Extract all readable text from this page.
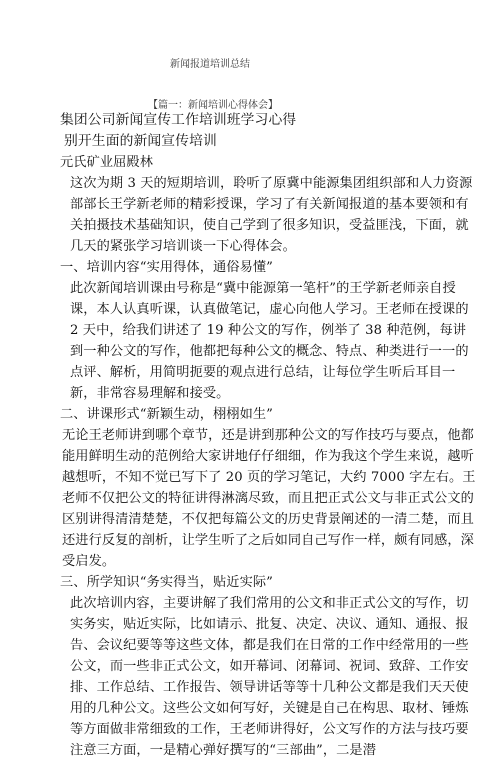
新闻报道培训总结
【篇一：新闻培训心得体会】

集团公司新闻宣传工作培训班学习心得

别开生面的新闻宣传培训

元氏矿业屈殿林

这次为期 3 天的短期培训，聆听了原冀中能源集团组织部和人力资源部部长王学新老师的精彩授课，学习了有关新闻报道的基本要领和有关拍摄技术基础知识，使自己学到了很多知识，受益匪浅，下面，就几天的紧张学习培训谈一下心得体会。

一、培训内容“实用得体，通俗易懂”

此次新闻培训课由号称是“冀中能源第一笔杆”的王学新老师亲自授课，本人认真听课，认真做笔记，虚心向他人学习。王老师在授课的 2 天中，给我们讲述了 19 种公文的写作，例举了 38 种范例，每讲到一种公文的写作，他都把每种公文的概念、特点、种类进行一一的点评、解析，用简明扼要的观点进行总结，让每位学生听后耳目一新，非常容易理解和接受。

二、讲课形式“新颖生动，栩栩如生”

无论王老师讲到哪个章节，还是讲到那种公文的写作技巧与要点，他都能用鲜明生动的范例给大家讲地仔仔细细，作为我这个学生来说，越听越想听，不知不觉已写下了 20 页的学习笔记，大约 7000 字左右。王老师不仅把公文的特征讲得淋漓尽致，而且把正式公文与非正式公文的区别讲得清清楚楚，不仅把每篇公文的历史背景阐述的一清二楚，而且还进行反复的剖析，让学生听了之后如同自己写作一样，颇有同感，深受启发。

三、所学知识“务实得当，贴近实际”

此次培训内容，主要讲解了我们常用的公文和非正式公文的写作，切实务实，贴近实际，比如请示、批复、决定、决议、通知、通报、报告、会议纪要等等这些文体，都是我们在日常的工作中经常用的一些公文，而一些非正式公文，如开幕词、闭幕词、祝词、致辞、工作安排、工作总结、工作报告、领导讲话等等十几种公文都是我们天天使用的几种公文。这些公文如何写好，关键是自己在构思、取材、锤炼等方面做非常细致的工作，王老师讲得好，公文写作的方法与技巧要注意三方面，一是精心弹好撰写的“三部曲”，二是潜
